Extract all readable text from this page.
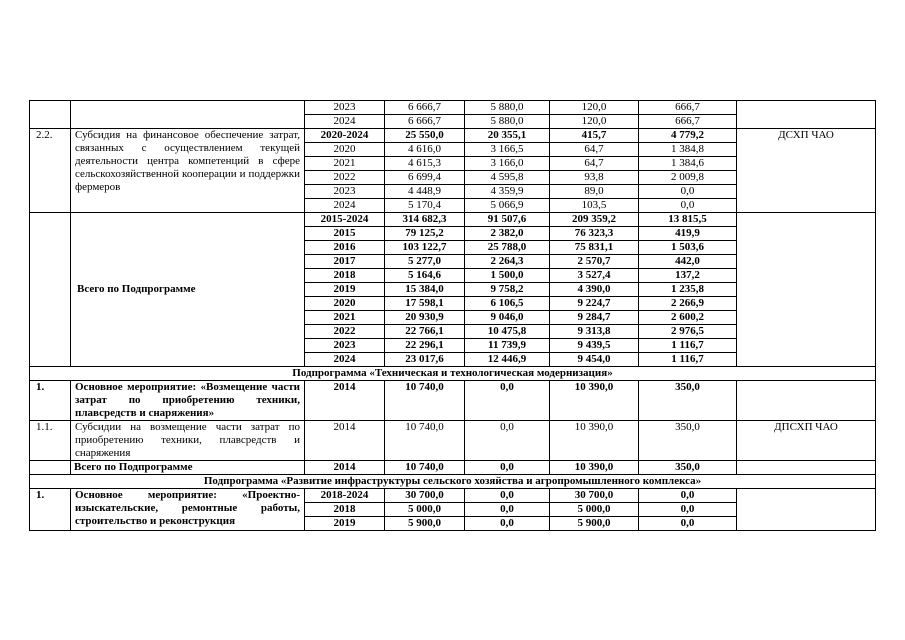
		2023	6 666,7	5 880,0	120,0	666,7	
		2024	6 666,7	5 880,0	120,0	666,7	
2.2.	Субсидия на финансовое обеспечение затрат, связанных с осуществлением текущей деятельности центра компетенций в сфере сельскохозяйственной кооперации и поддержки фермеров	2020-2024	25 550,0	20 355,1	415,7	4 779,2	ДСХП ЧАО
		2020	4 616,0	3 166,5	64,7	1 384,8	
		2021	4 615,3	3 166,0	64,7	1 384,6	
		2022	6 699,4	4 595,8	93,8	2 009,8	
		2023	4 448,9	4 359,9	89,0	0,0	
		2024	5 170,4	5 066,9	103,5	0,0	
	Всего по Подпрограмме	2015-2024	314 682,3	91 507,6	209 359,2	13 815,5	
		2015	79 125,2	2 382,0	76 323,3	419,9	
		2016	103 122,7	25 788,0	75 831,1	1 503,6	
		2017	5 277,0	2 264,3	2 570,7	442,0	
		2018	5 164,6	1 500,0	3 527,4	137,2	
		2019	15 384,0	9 758,2	4 390,0	1 235,8	
		2020	17 598,1	6 106,5	9 224,7	2 266,9	
		2021	20 930,9	9 046,0	9 284,7	2 600,2	
		2022	22 766,1	10 475,8	9 313,8	2 976,5	
		2023	22 296,1	11 739,9	9 439,5	1 116,7	
		2024	23 017,6	12 446,9	9 454,0	1 116,7	
Подпрограмма «Техническая и технологическая модернизация»							
1.	Основное мероприятие: «Возмещение части затрат по приобретению техники, плавсредств и снаряжения»	2014	10 740,0	0,0	10 390,0	350,0	
1.1.	Субсидии на возмещение части затрат по приобретению техники, плавсредств и снаряжения	2014	10 740,0	0,0	10 390,0	350,0	ДПСХП ЧАО
	Всего по Подпрограмме	2014	10 740,0	0,0	10 390,0	350,0	
Подпрограмма «Развитие инфраструктуры сельского хозяйства и агропромышленного комплекса»							
1.	Основное мероприятие: «Проектно-изыскательские, ремонтные работы, строительство и реконструкция	2018-2024	30 700,0	0,0	30 700,0	0,0	
		2018	5 000,0	0,0	5 000,0	0,0	
		2019	5 900,0	0,0	5 900,0	0,0	
